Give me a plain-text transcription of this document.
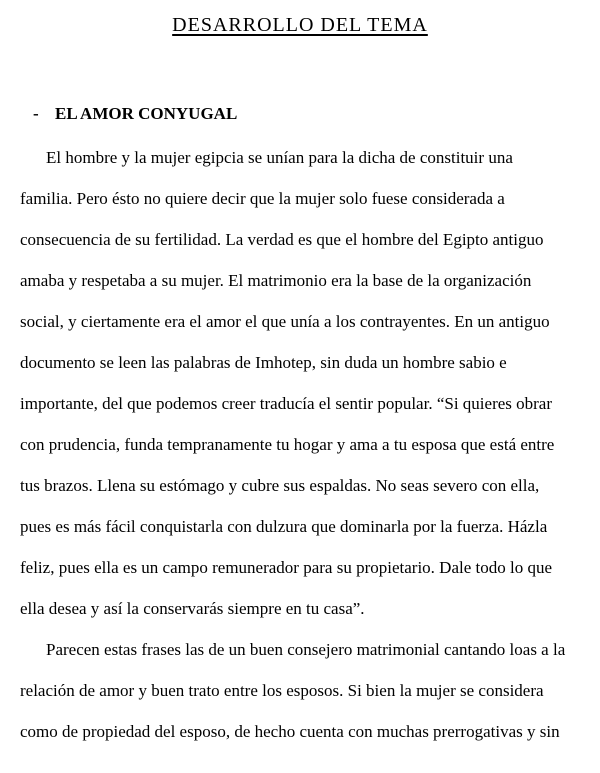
DESARROLLO DEL TEMA
- EL AMOR CONYUGAL
El hombre y la mujer egipcia se unían para la dicha de constituir una
familia. Pero ésto no quiere decir que la mujer solo fuese considerada a
consecuencia de su fertilidad. La verdad es que el hombre del Egipto antiguo
amaba y respetaba a su mujer. El matrimonio era la base de la organización
social, y ciertamente era el amor el que unía a los contrayentes. En un antiguo
documento se leen las palabras de Imhotep, sin duda un hombre sabio e
importante, del que podemos creer traducía el sentir popular. “Si quieres obrar
con prudencia, funda tempranamente tu hogar y ama a tu esposa que está entre
tus brazos. Llena su estómago y cubre sus espaldas. No seas severo con ella,
pues es más fácil conquistarla con dulzura que dominarla por la fuerza. Házla
feliz, pues ella es un campo remunerador para su propietario. Dale todo lo que
ella desea y así la conservarás siempre en tu casa”.
Parecen estas frases las de un buen consejero matrimonial cantando loas a la
relación de amor y buen trato entre los esposos. Si bien la mujer se considera
como de propiedad del esposo, de hecho cuenta con muchas prerrogativas y sin
